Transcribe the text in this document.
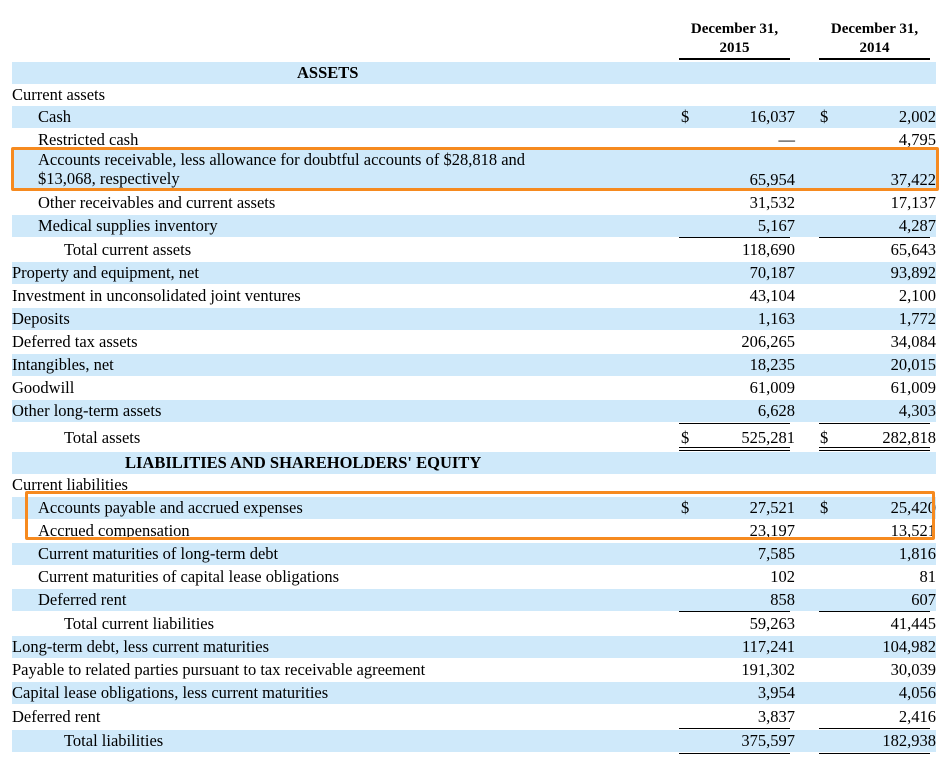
December 31,
2015
December 31,
2014
ASSETS
Current assets
Cash	$	16,037 $	2,002
Restricted cash	—	4,795
Accounts receivable, less allowance for doubtful accounts of $28,818 and
$13,068, respectively	65,954	37,422
Other receivables and current assets	31,532	17,137
Medical supplies inventory	5,167	4,287
Total current assets	118,690	65,643
Property and equipment, net	70,187	93,892
Investment in unconsolidated joint ventures	43,104	2,100
Deposits	1,163	1,772
Deferred tax assets	206,265	34,084
Intangibles, net	18,235	20,015
Goodwill	61,009	61,009
Other long-term assets	6,628	4,303
Total assets	$	525,281 $	282,818
LIABILITIES AND SHAREHOLDERS' EQUITY
Current liabilities
Accounts payable and accrued expenses	$	27,521 $	25,420
Accrued compensation	23,197	13,521
Current maturities of long-term debt	7,585	1,816
Current maturities of capital lease obligations	102	81
Deferred rent	858	607
Total current liabilities	59,263	41,445
Long-term debt, less current maturities	117,241	104,982
Payable to related parties pursuant to tax receivable agreement	191,302	30,039
Capital lease obligations, less current maturities	3,954	4,056
Deferred rent	3,837	2,416
Total liabilities	375,597	182,938
